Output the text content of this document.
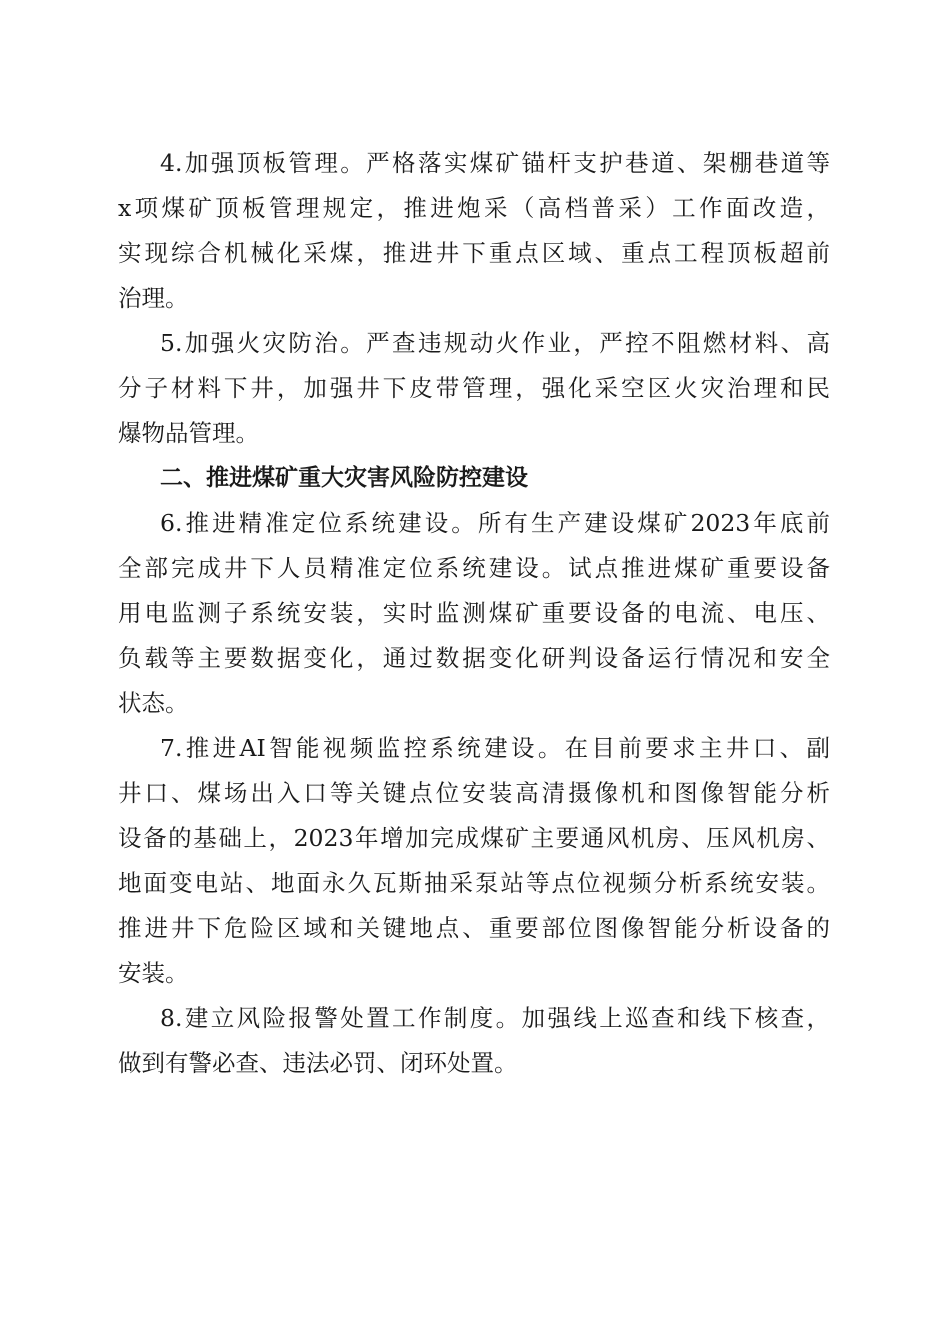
4.加强顶板管理。严格落实煤矿锚杆支护巷道、架棚巷道等
x项煤矿顶板管理规定，推进炮采（高档普采）工作面改造，
实现综合机械化采煤，推进井下重点区域、重点工程顶板超前
治理。
5.加强火灾防治。严查违规动火作业，严控不阻燃材料、高
分子材料下井，加强井下皮带管理，强化采空区火灾治理和民
爆物品管理。
二、推进煤矿重大灾害风险防控建设
6.推进精准定位系统建设。所有生产建设煤矿2023年底前
全部完成井下人员精准定位系统建设。试点推进煤矿重要设备
用电监测子系统安装，实时监测煤矿重要设备的电流、电压、
负载等主要数据变化，通过数据变化研判设备运行情况和安全
状态。
7.推进AI智能视频监控系统建设。在目前要求主井口、副
井口、煤场出入口等关键点位安装高清摄像机和图像智能分析
设备的基础上，2023年增加完成煤矿主要通风机房、压风机房、
地面变电站、地面永久瓦斯抽采泵站等点位视频分析系统安装。
推进井下危险区域和关键地点、重要部位图像智能分析设备的
安装。
8.建立风险报警处置工作制度。加强线上巡查和线下核查，
做到有警必查、违法必罚、闭环处置。
